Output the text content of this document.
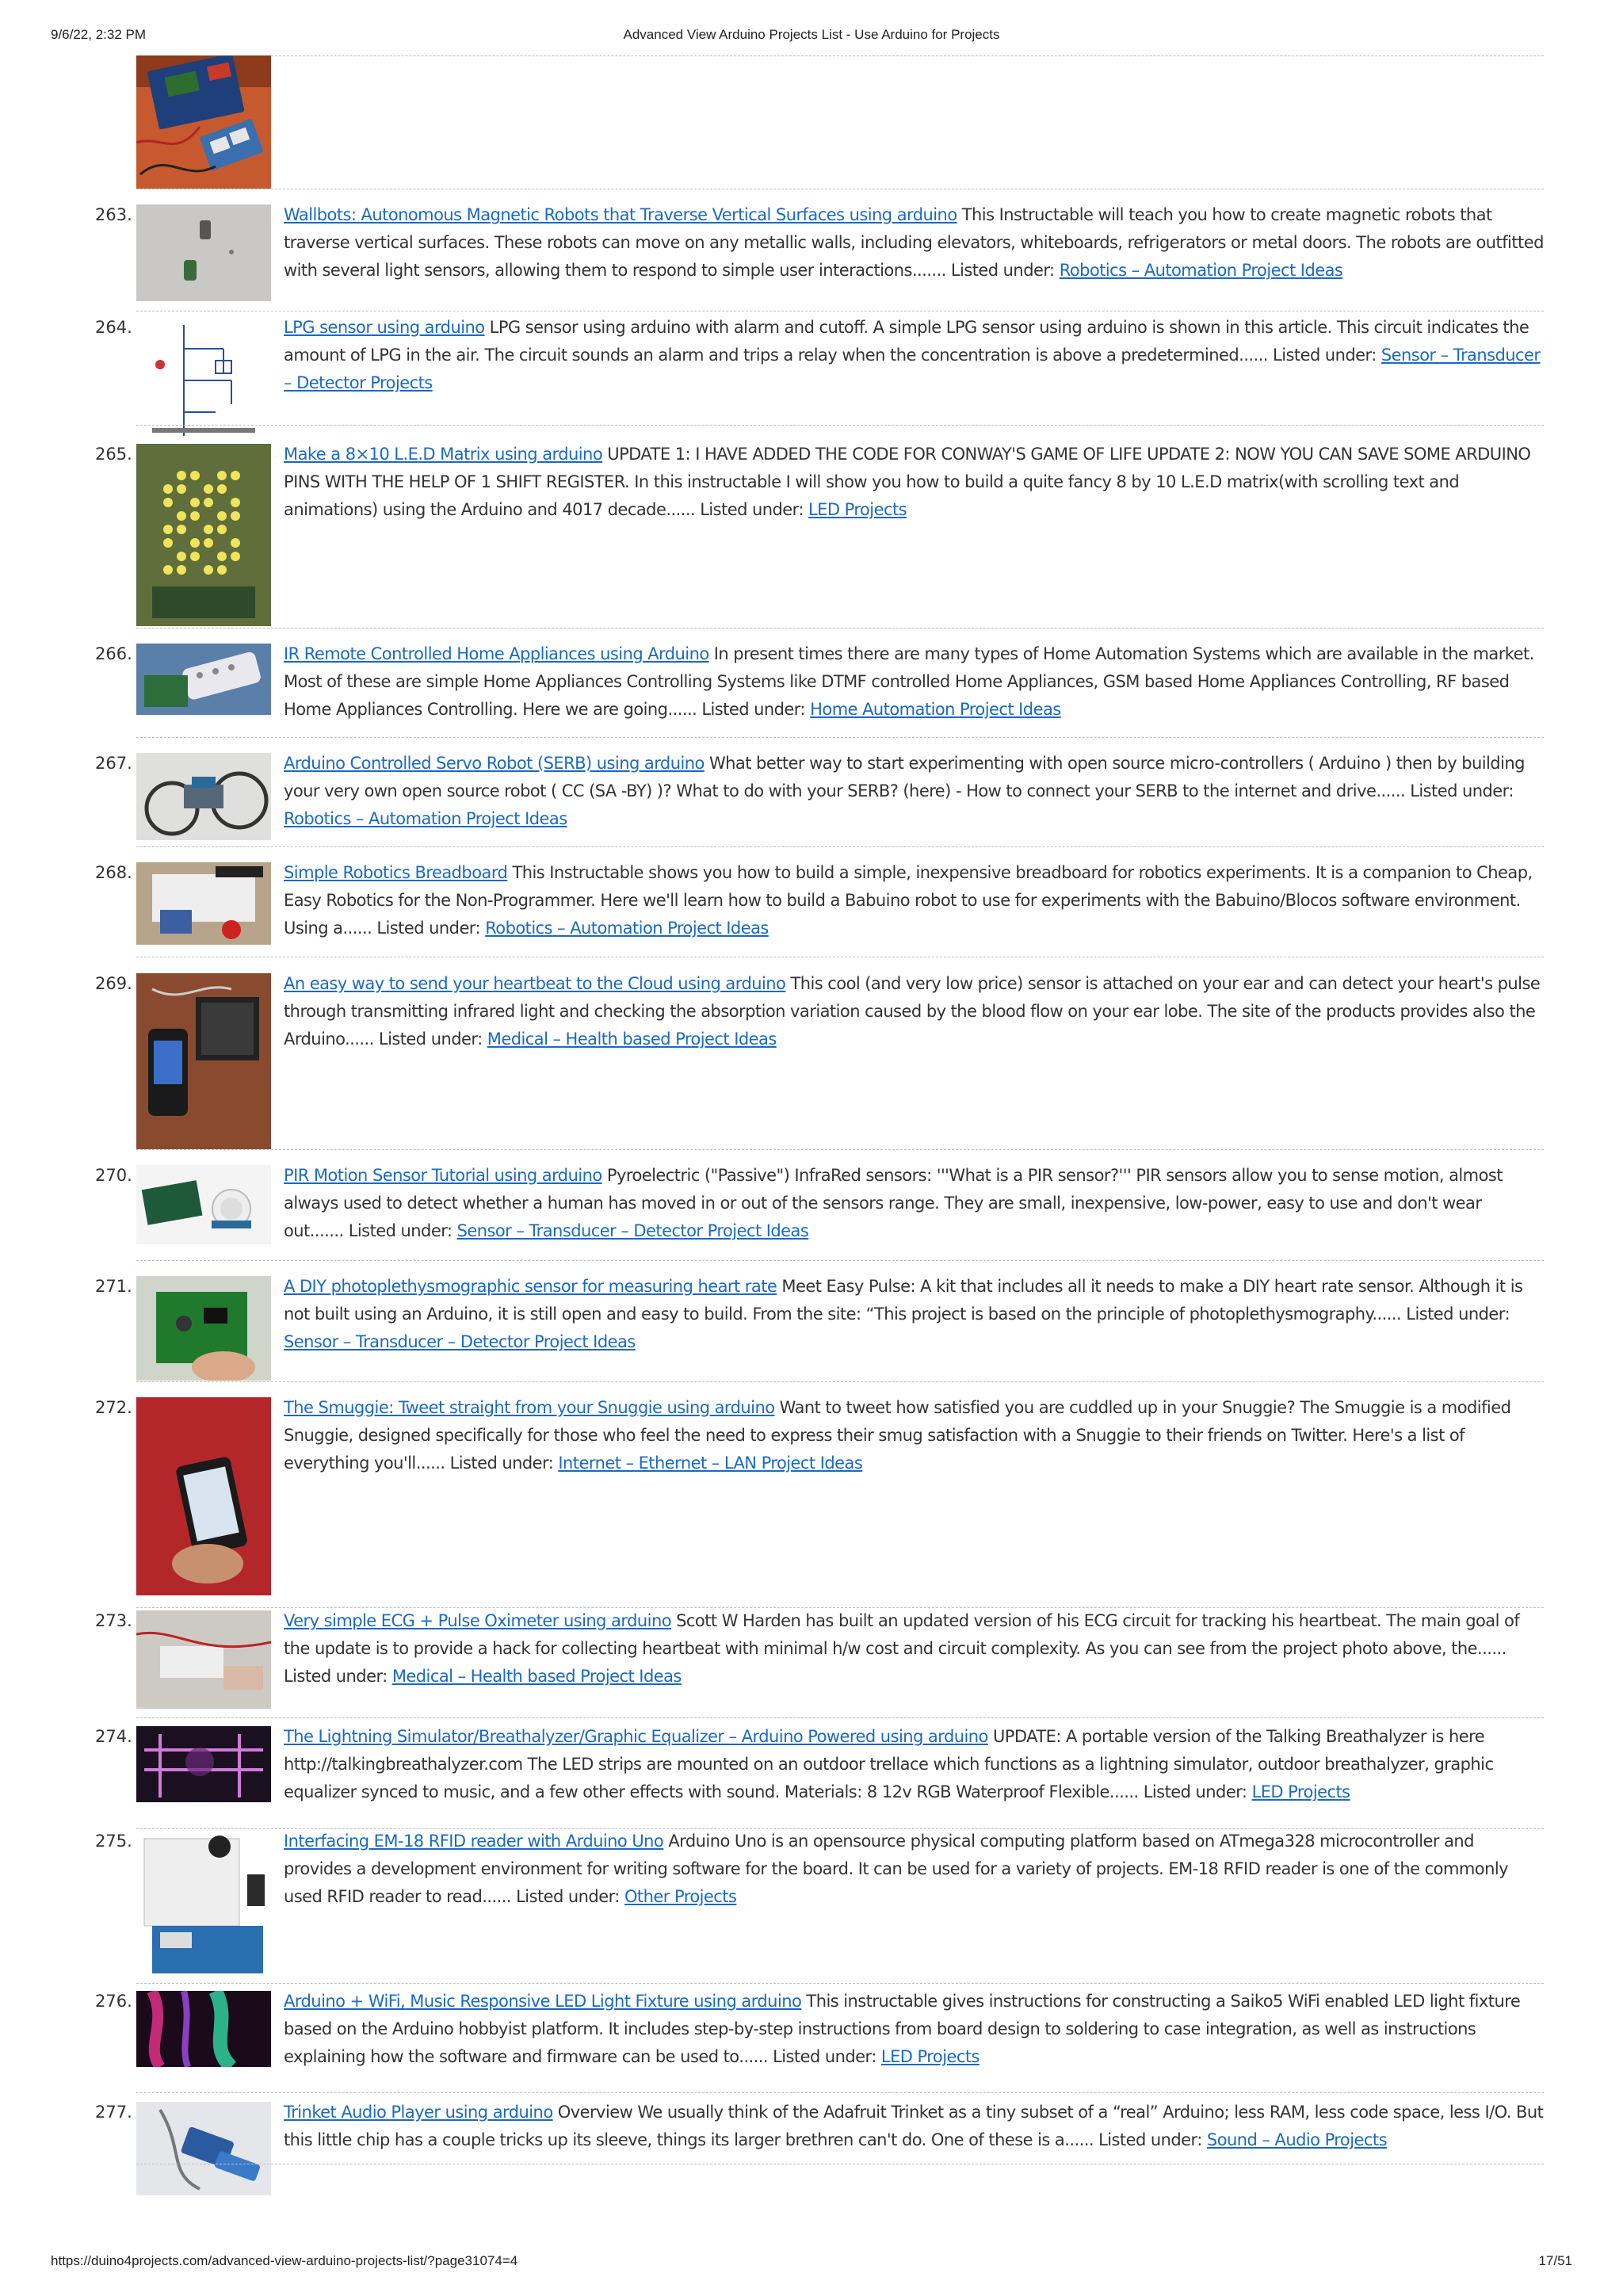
9/6/22, 2:32 PM	Advanced View Arduino Projects List - Use Arduino for Projects
263.	Wallbots: Autonomous Magnetic Robots that Traverse Vertical Surfaces using arduino This Instructable will teach you how to create magnetic robots that traverse vertical surfaces. These robots can move on any metallic walls, including elevators, whiteboards, refrigerators or metal doors. The robots are outfitted with several light sensors, allowing them to respond to simple user interactions....... Listed under: Robotics – Automation Project Ideas
264.	LPG sensor using arduino LPG sensor using arduino with alarm and cutoff. A simple LPG sensor using arduino is shown in this article. This circuit indicates the amount of LPG in the air. The circuit sounds an alarm and trips a relay when the concentration is above a predetermined...... Listed under: Sensor – Transducer – Detector Projects
265.	Make a 8×10 L.E.D Matrix using arduino UPDATE 1: I HAVE ADDED THE CODE FOR CONWAY'S GAME OF LIFE UPDATE 2: NOW YOU CAN SAVE SOME ARDUINO PINS WITH THE HELP OF 1 SHIFT REGISTER. In this instructable I will show you how to build a quite fancy 8 by 10 L.E.D matrix(with scrolling text and animations) using the Arduino and 4017 decade...... Listed under: LED Projects
266.	IR Remote Controlled Home Appliances using Arduino In present times there are many types of Home Automation Systems which are available in the market. Most of these are simple Home Appliances Controlling Systems like DTMF controlled Home Appliances, GSM based Home Appliances Controlling, RF based Home Appliances Controlling. Here we are going...... Listed under: Home Automation Project Ideas
267.	Arduino Controlled Servo Robot (SERB) using arduino What better way to start experimenting with open source micro-controllers ( Arduino ) then by building your very own open source robot ( CC (SA -BY) )? What to do with your SERB? (here) - How to connect your SERB to the internet and drive...... Listed under: Robotics – Automation Project Ideas
268.	Simple Robotics Breadboard This Instructable shows you how to build a simple, inexpensive breadboard for robotics experiments. It is a companion to Cheap, Easy Robotics for the Non-Programmer. Here we'll learn how to build a Babuino robot to use for experiments with the Babuino/Blocos software environment. Using a...... Listed under: Robotics – Automation Project Ideas
269.	An easy way to send your heartbeat to the Cloud using arduino This cool (and very low price) sensor is attached on your ear and can detect your heart's pulse through transmitting infrared light and checking the absorption variation caused by the blood flow on your ear lobe. The site of the products provides also the Arduino...... Listed under: Medical – Health based Project Ideas
270.	PIR Motion Sensor Tutorial using arduino Pyroelectric ("Passive") InfraRed sensors: '''What is a PIR sensor?''' PIR sensors allow you to sense motion, almost always used to detect whether a human has moved in or out of the sensors range. They are small, inexpensive, low-power, easy to use and don't wear out....... Listed under: Sensor – Transducer – Detector Project Ideas
271.	A DIY photoplethysmographic sensor for measuring heart rate Meet Easy Pulse: A kit that includes all it needs to make a DIY heart rate sensor. Although it is not built using an Arduino, it is still open and easy to build. From the site: “This project is based on the principle of photoplethysmography...... Listed under: Sensor – Transducer – Detector Project Ideas
272.	The Smuggie: Tweet straight from your Snuggie using arduino Want to tweet how satisfied you are cuddled up in your Snuggie? The Smuggie is a modified Snuggie, designed specifically for those who feel the need to express their smug satisfaction with a Snuggie to their friends on Twitter. Here's a list of everything you'll...... Listed under: Internet – Ethernet – LAN Project Ideas
273.	Very simple ECG + Pulse Oximeter using arduino Scott W Harden has built an updated version of his ECG circuit for tracking his heartbeat. The main goal of the update is to provide a hack for collecting heartbeat with minimal h/w cost and circuit complexity. As you can see from the project photo above, the...... Listed under: Medical – Health based Project Ideas
274.	The Lightning Simulator/Breathalyzer/Graphic Equalizer – Arduino Powered using arduino UPDATE: A portable version of the Talking Breathalyzer is here http://talkingbreathalyzer.com The LED strips are mounted on an outdoor trellace which functions as a lightning simulator, outdoor breathalyzer, graphic equalizer synced to music, and a few other effects with sound. Materials: 8 12v RGB Waterproof Flexible...... Listed under: LED Projects
275.	Interfacing EM-18 RFID reader with Arduino Uno Arduino Uno is an opensource physical computing platform based on ATmega328 microcontroller and provides a development environment for writing software for the board. It can be used for a variety of projects. EM-18 RFID reader is one of the commonly used RFID reader to read...... Listed under: Other Projects
276.	Arduino + WiFi, Music Responsive LED Light Fixture using arduino This instructable gives instructions for constructing a Saiko5 WiFi enabled LED light fixture based on the Arduino hobbyist platform. It includes step-by-step instructions from board design to soldering to case integration, as well as instructions explaining how the software and firmware can be used to...... Listed under: LED Projects
277.	Trinket Audio Player using arduino Overview We usually think of the Adafruit Trinket as a tiny subset of a “real” Arduino; less RAM, less code space, less I/O. But this little chip has a couple tricks up its sleeve, things its larger brethren can't do. One of these is a...... Listed under: Sound – Audio Projects
https://duino4projects.com/advanced-view-arduino-projects-list/?page31074=4	17/51
